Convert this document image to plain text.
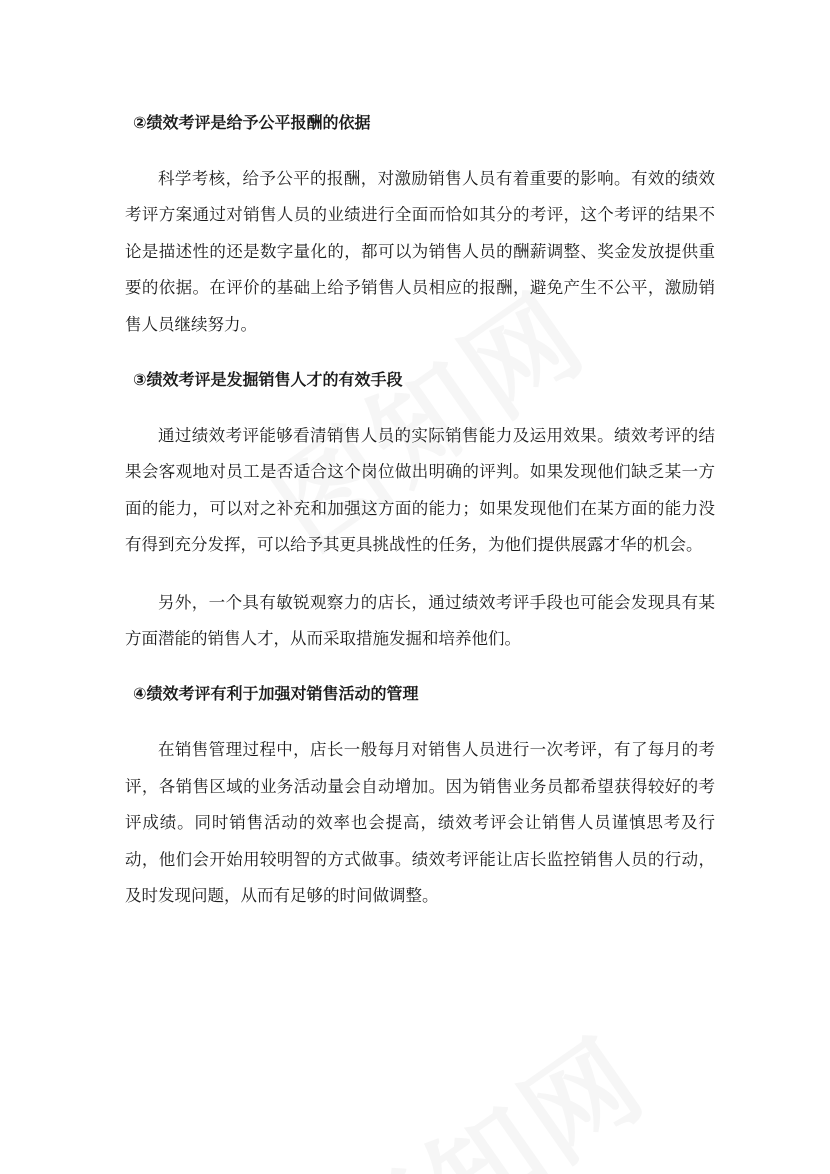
②绩效考评是给予公平报酬的依据

科学考核，给予公平的报酬，对激励销售人员有着重要的影响。有效的绩效考评方案通过对销售人员的业绩进行全面而恰如其分的考评，这个考评的结果不论是描述性的还是数字量化的，都可以为销售人员的酬薪调整、奖金发放提供重要的依据。在评价的基础上给予销售人员相应的报酬，避免产生不公平，激励销售人员继续努力。

③绩效考评是发掘销售人才的有效手段

通过绩效考评能够看清销售人员的实际销售能力及运用效果。绩效考评的结果会客观地对员工是否适合这个岗位做出明确的评判。如果发现他们缺乏某一方面的能力，可以对之补充和加强这方面的能力；如果发现他们在某方面的能力没有得到充分发挥，可以给予其更具挑战性的任务，为他们提供展露才华的机会。

另外，一个具有敏锐观察力的店长，通过绩效考评手段也可能会发现具有某方面潜能的销售人才，从而采取措施发掘和培养他们。

④绩效考评有利于加强对销售活动的管理

在销售管理过程中，店长一般每月对销售人员进行一次考评，有了每月的考评，各销售区域的业务活动量会自动增加。因为销售业务员都希望获得较好的考评成绩。同时销售活动的效率也会提高，绩效考评会让销售人员谨慎思考及行动，他们会开始用较明智的方式做事。绩效考评能让店长监控销售人员的行动，及时发现问题，从而有足够的时间做调整。
